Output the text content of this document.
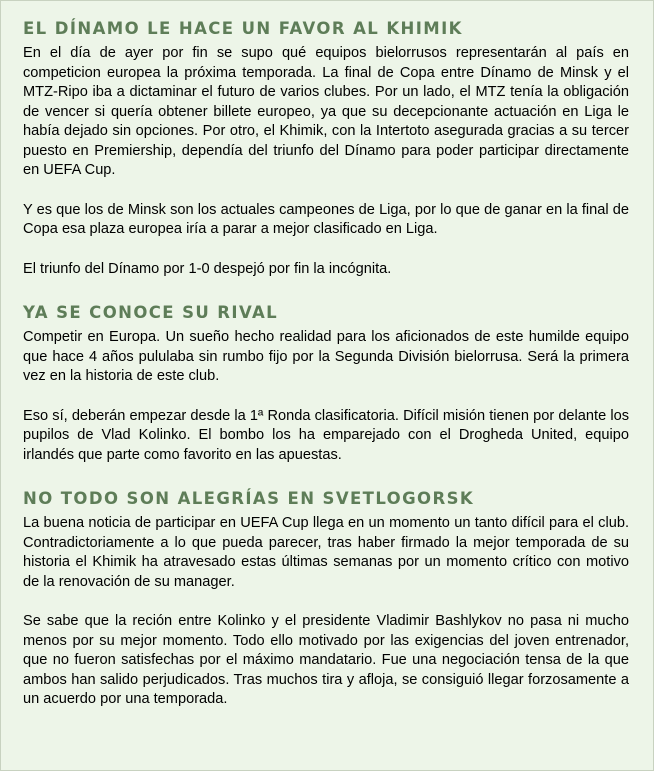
EL DÍNAMO LE HACE UN FAVOR AL KHIMIK

En el día de ayer por fin se supo qué equipos bielorrusos representarán al país en competicion europea la próxima temporada. La final de Copa entre Dínamo de Minsk y el MTZ-Ripo iba a dictaminar el futuro de varios clubes. Por un lado, el MTZ tenía la obligación de vencer si quería obtener billete europeo, ya que su decepcionante actuación en Liga le había dejado sin opciones. Por otro, el Khimik, con la Intertoto asegurada gracias a su tercer puesto en Premiership, dependía del triunfo del Dínamo para poder participar directamente en UEFA Cup.

Y es que los de Minsk son los actuales campeones de Liga, por lo que de ganar en la final de Copa esa plaza europea iría a parar a mejor clasificado en Liga.

El triunfo del Dínamo por 1-0 despejó por fin la incógnita.

YA SE CONOCE SU RIVAL

Competir en Europa. Un sueño hecho realidad para los aficionados de este humilde equipo que hace 4 años pululaba sin rumbo fijo por la Segunda División bielorrusa. Será la primera vez en la historia de este club.

Eso sí, deberán empezar desde la 1ª Ronda clasificatoria. Difícil misión tienen por delante los pupilos de Vlad Kolinko. El bombo los ha emparejado con el Drogheda United, equipo irlandés que parte como favorito en las apuestas.

NO TODO SON ALEGRÍAS EN SVETLOGORSK

La buena noticia de participar en UEFA Cup llega en un momento un tanto difícil para el club. Contradictoriamente a lo que pueda parecer, tras haber firmado la mejor temporada de su historia el Khimik ha atravesado estas últimas semanas por un momento crítico con motivo de la renovación de su manager.

Se sabe que la reción entre Kolinko y el presidente Vladimir Bashlykov no pasa ni mucho menos por su mejor momento. Todo ello motivado por las exigencias del joven entrenador, que no fueron satisfechas por el máximo mandatario. Fue una negociación tensa de la que ambos han salido perjudicados. Tras muchos tira y afloja, se consiguió llegar forzosamente a un acuerdo por una temporada.
